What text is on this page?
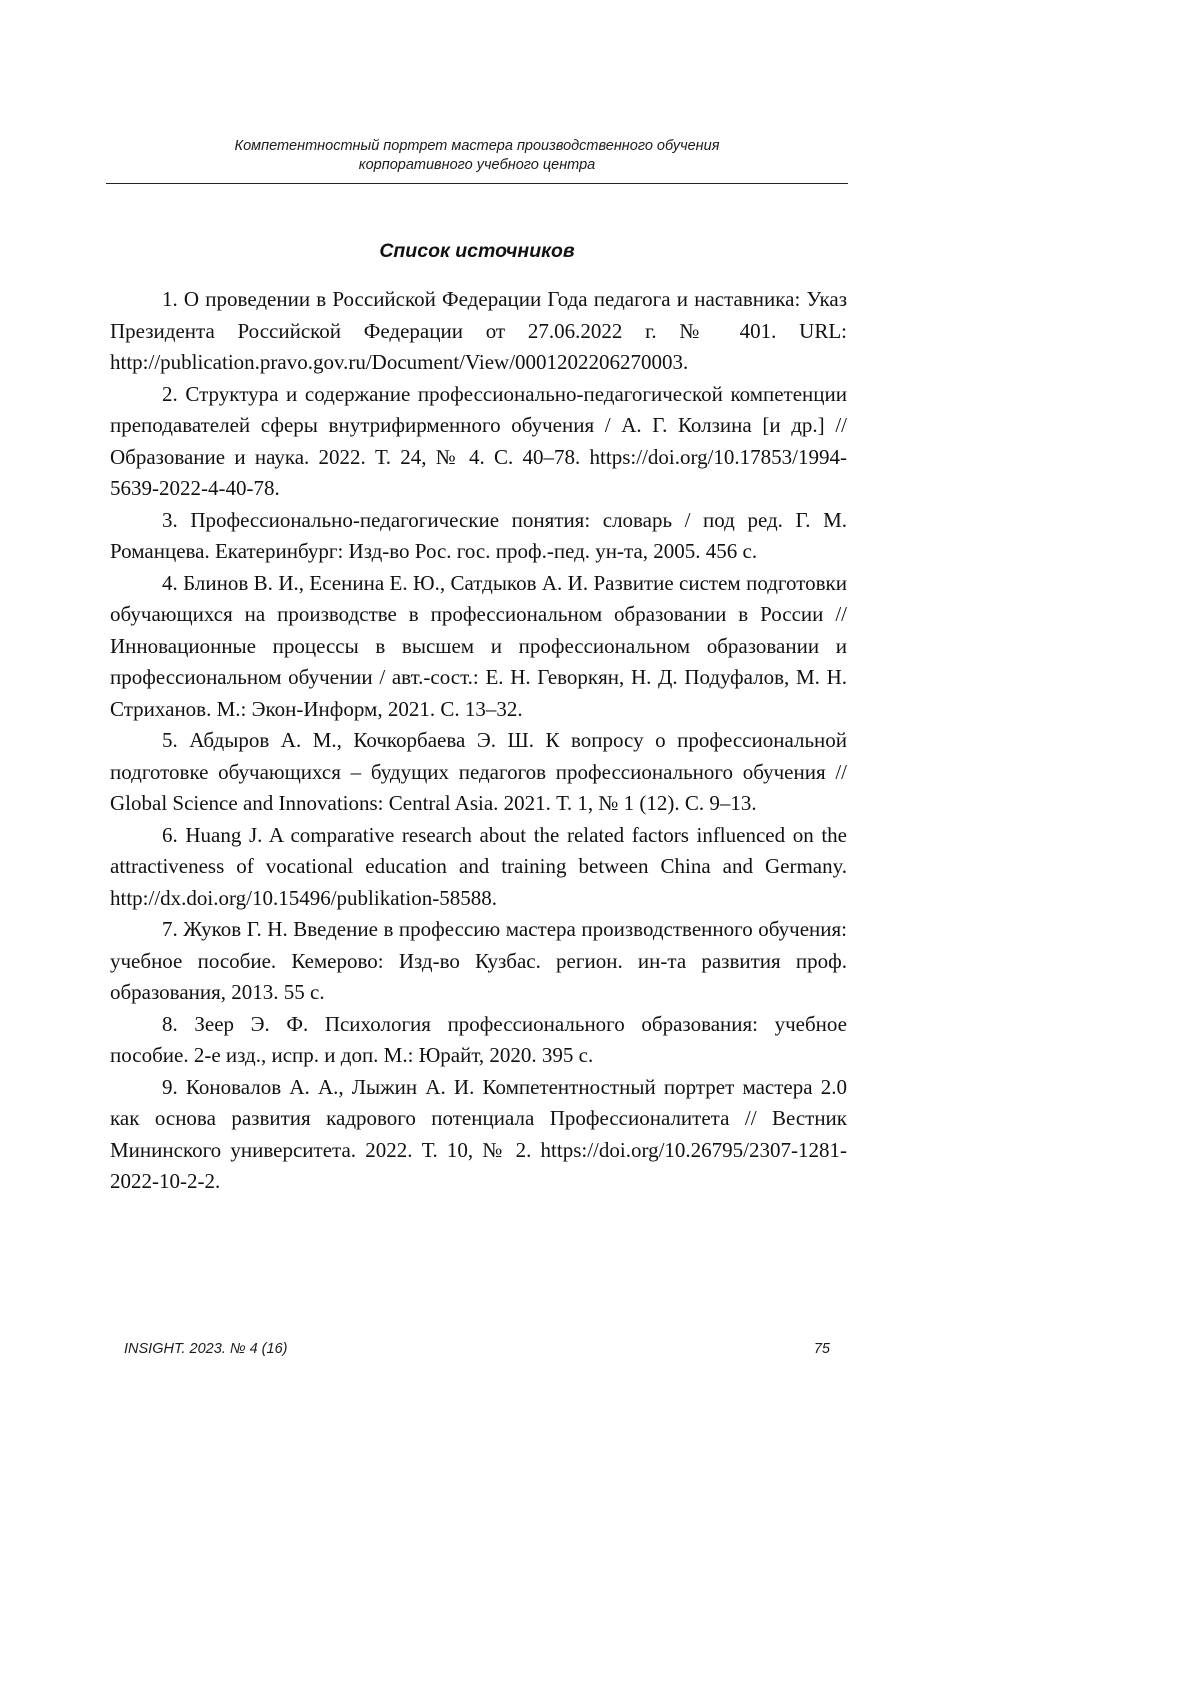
Компетентностный портрет мастера производственного обучения
корпоративного учебного центра
Список источников

1. О проведении в Российской Федерации Года педагога и наставника: Указ Президента Российской Федерации от 27.06.2022 г. № 401. URL: http://publication.pravo.gov.ru/Document/View/0001202206270003.

2. Структура и содержание профессионально-педагогической компетенции преподавателей сферы внутрифирменного обучения / А. Г. Колзина [и др.] // Образование и наука. 2022. Т. 24, № 4. С. 40–78. https://doi.org/10.17853/1994-5639-2022-4-40-78.

3. Профессионально-педагогические понятия: словарь / под ред. Г. М. Романцева. Екатеринбург: Изд-во Рос. гос. проф.-пед. ун-та, 2005. 456 с.

4. Блинов В. И., Есенина Е. Ю., Сатдыков А. И. Развитие систем подготовки обучающихся на производстве в профессиональном образовании в России // Инновационные процессы в высшем и профессиональном образовании и профессиональном обучении / авт.-сост.: Е. Н. Геворкян, Н. Д. Подуфалов, М. Н. Стриханов. М.: Экон-Информ, 2021. С. 13–32.

5. Абдыров А. М., Кочкорбаева Э. Ш. К вопросу о профессиональной подготовке обучающихся – будущих педагогов профессионального обучения // Global Science and Innovations: Central Asia. 2021. Т. 1, № 1 (12). С. 9–13.

6. Huang J. A comparative research about the related factors influenced on the attractiveness of vocational education and training between China and Germany. http://dx.doi.org/10.15496/publikation-58588.

7. Жуков Г. Н. Введение в профессию мастера производственного обучения: учебное пособие. Кемерово: Изд-во Кузбас. регион. ин-та развития проф. образования, 2013. 55 с.

8. Зеер Э. Ф. Психология профессионального образования: учебное пособие. 2-е изд., испр. и доп. М.: Юрайт, 2020. 395 с.

9. Коновалов А. А., Лыжин А. И. Компетентностный портрет мастера 2.0 как основа развития кадрового потенциала Профессионалитета // Вестник Мининского университета. 2022. Т. 10, № 2. https://doi.org/10.26795/2307-1281-2022-10-2-2.

INSIGHT. 2023. № 4 (16)	75
